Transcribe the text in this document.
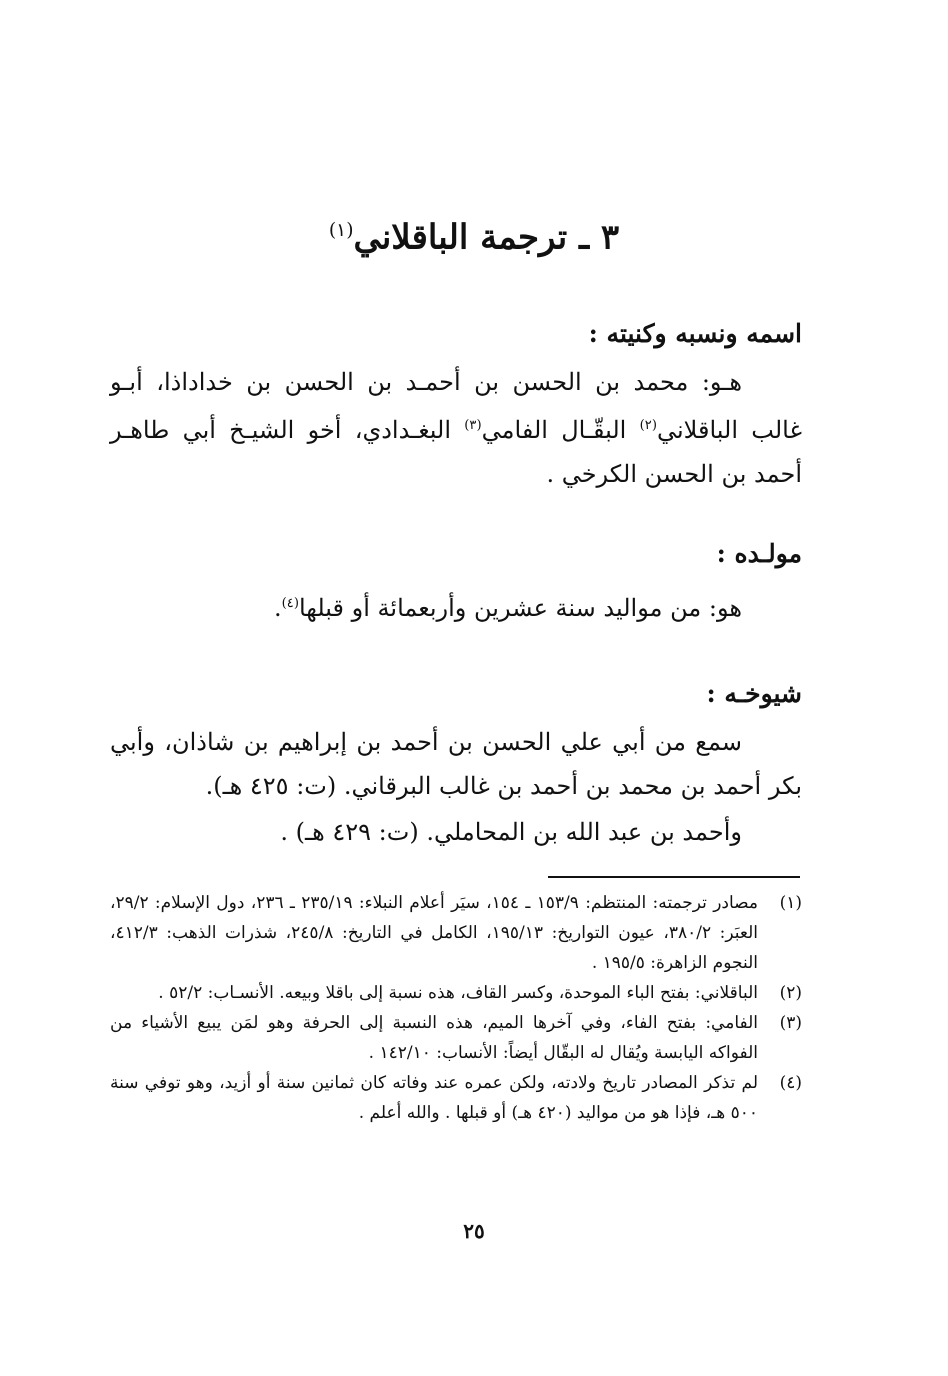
٣ ـ ترجمة الباقلاني$^{(١)}$
اسمه ونسبه وكنيته :
هـو: محمد بن الحسن بن أحمـد بن الحسن بن خداداذا، أبـو غالب الباقلاني$^{(٢)}$ البقّـال الفامي$^{(٣)}$ البغـدادي، أخو الشيـخ أبي طاهـر أحمد بن الحسن الكرخي .
مولـده :
هو: من مواليد سنة عشرين وأربعمائة أو قبلها$^{(٤)}$.
شيوخـه :
سمع من أبي علي الحسن بن أحمد بن إبراهيم بن شاذان، وأبي بكر أحمد بن محمد بن أحمد بن غالب البرقاني. (ت: ٤٢٥ هـ).
وأحمد بن عبد الله بن المحاملي. (ت: ٤٢٩ هـ) .
(١)
مصادر ترجمته: المنتظم: ١٥٣/٩ ـ ١٥٤، سيَر أعلام النبلاء: ٢٣٥/١٩ ـ ٢٣٦، دول الإسلام: ٢٩/٢، العبَر: ٣٨٠/٢، عيون التواريخ: ١٩٥/١٣، الكامل في التاريخ: ٢٤٥/٨، شذرات الذهب: ٤١٢/٣، النجوم الزاهرة: ١٩٥/٥ .
(٢)
الباقلاني: بفتح الباء الموحدة، وكسر القاف، هذه نسبة إلى باقلا وبيعه. الأنسـاب: ٥٢/٢ .
(٣)
الفامي: بفتح الفاء، وفي آخرها الميم، هذه النسبة إلى الحرفة وهو لمَن يبيع الأشياء من الفواكه اليابسة ويُقال له البقّال أيضاً: الأنساب: ١٤٢/١٠ .
(٤)
لم تذكر المصادر تاريخ ولادته، ولكن عمره عند وفاته كان ثمانين سنة أو أزيد، وهو توفي سنة ٥٠٠ هـ، فإذا هو من مواليد (٤٢٠ هـ) أو قبلها . والله أعلم .
٢٥
